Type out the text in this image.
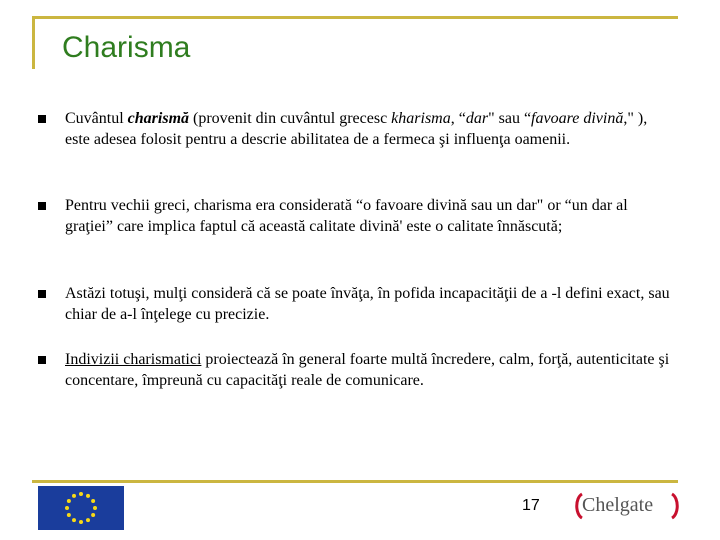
Charisma
Cuvântul charismă (provenit din cuvântul grecesc kharisma, “dar" sau “favoare divină," ), este adesea folosit pentru a descrie abilitatea de a fermeca şi influenţa oamenii.
Pentru vechii greci, charisma era considerată “o favoare divină sau un dar" or “un dar al graţiei” care implica faptul că această calitate divină' este o calitate înnăscută;
Astăzi totuşi, mulţi consideră că se poate învăţa, în pofida incapacităţii de a -l defini exact, sau chiar de a-l înţelege cu precizie.
Indivizii charismatici proiectează în general foarte multă încredere, calm, forţă, autenticitate şi concentare, împreună cu capacităţi reale de comunicare.
17 Chelgate
